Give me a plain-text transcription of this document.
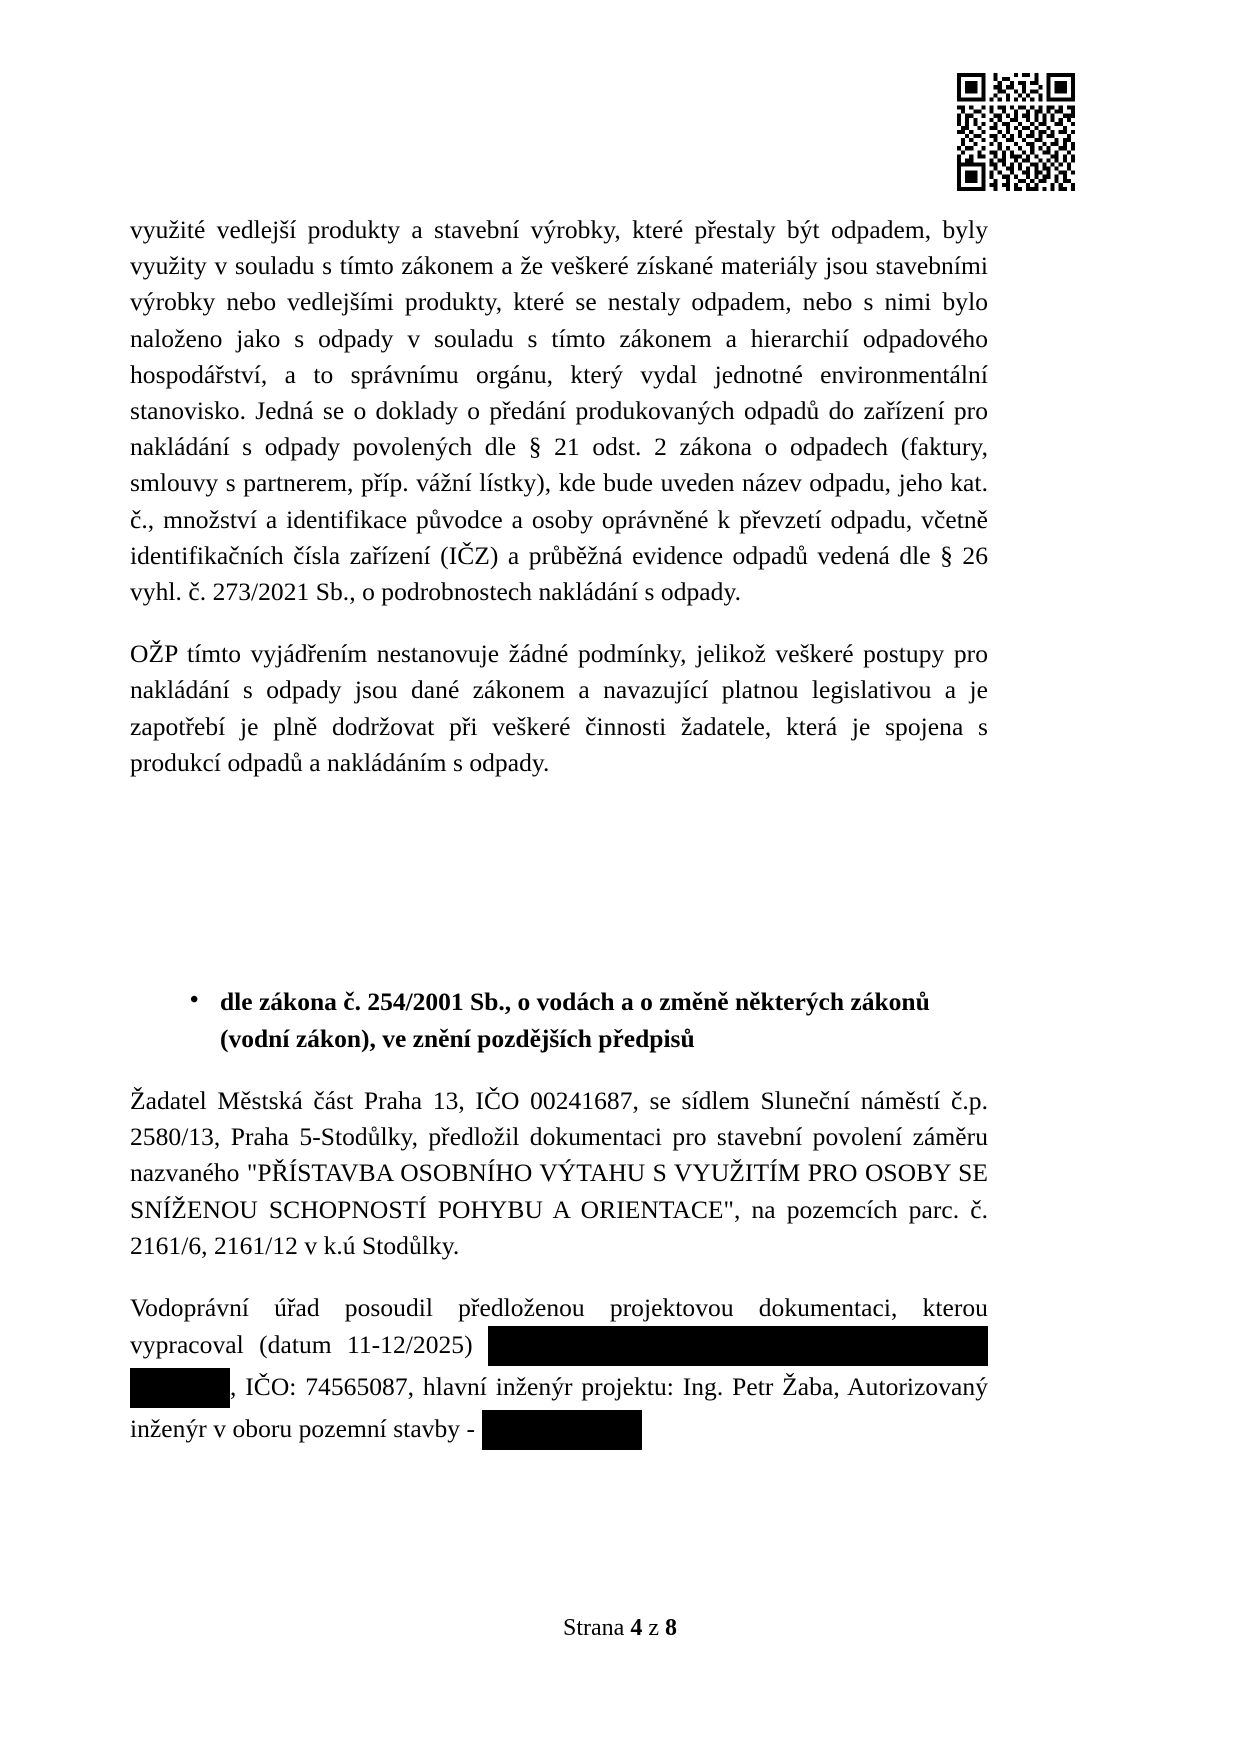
využité vedlejší produkty a stavební výrobky, které přestaly být odpadem, byly využity v souladu s tímto zákonem a že veškeré získané materiály jsou stavebními výrobky nebo vedlejšími produkty, které se nestaly odpadem, nebo s nimi bylo naloženo jako s odpady v souladu s tímto zákonem a hierarchií odpadového hospodářství, a to správnímu orgánu, který vydal jednotné environmentální stanovisko. Jedná se o doklady o předání produkovaných odpadů do zařízení pro nakládání s odpady povolených dle § 21 odst. 2 zákona o odpadech (faktury, smlouvy s partnerem, příp. vážní lístky), kde bude uveden název odpadu, jeho kat. č., množství a identifikace původce a osoby oprávněné k převzetí odpadu, včetně identifikačních čísla zařízení (IČZ) a průběžná evidence odpadů vedená dle § 26 vyhl. č. 273/2021 Sb., o podrobnostech nakládání s odpady.

OŽP tímto vyjádřením nestanovuje žádné podmínky, jelikož veškeré postupy pro nakládání s odpady jsou dané zákonem a navazující platnou legislativou a je zapotřebí je plně dodržovat při veškeré činnosti žadatele, která je spojena s produkcí odpadů a nakládáním s odpady.

• dle zákona č. 254/2001 Sb., o vodách a o změně některých zákonů (vodní zákon), ve znění pozdějších předpisů

Žadatel Městská část Praha 13, IČO 00241687, se sídlem Sluneční náměstí č.p. 2580/13, Praha 5-Stodůlky, předložil dokumentaci pro stavební povolení záměru nazvaného "PŘÍSTAVBA OSOBNÍHO VÝTAHU S VYUŽITÍM PRO OSOBY SE SNÍŽENOU SCHOPNOSTÍ POHYBU A ORIENTACE", na pozemcích parc. č. 2161/6, 2161/12 v k.ú Stodůlky.

Vodoprávní úřad posoudil předloženou projektovou dokumentaci, kterou vypracoval (datum 11-12/2025)  , IČO: 74565087, hlavní inženýr projektu: Ing. Petr Žaba, Autorizovaný inženýr v oboru pozemní stavby -

Strana 4 z 8
